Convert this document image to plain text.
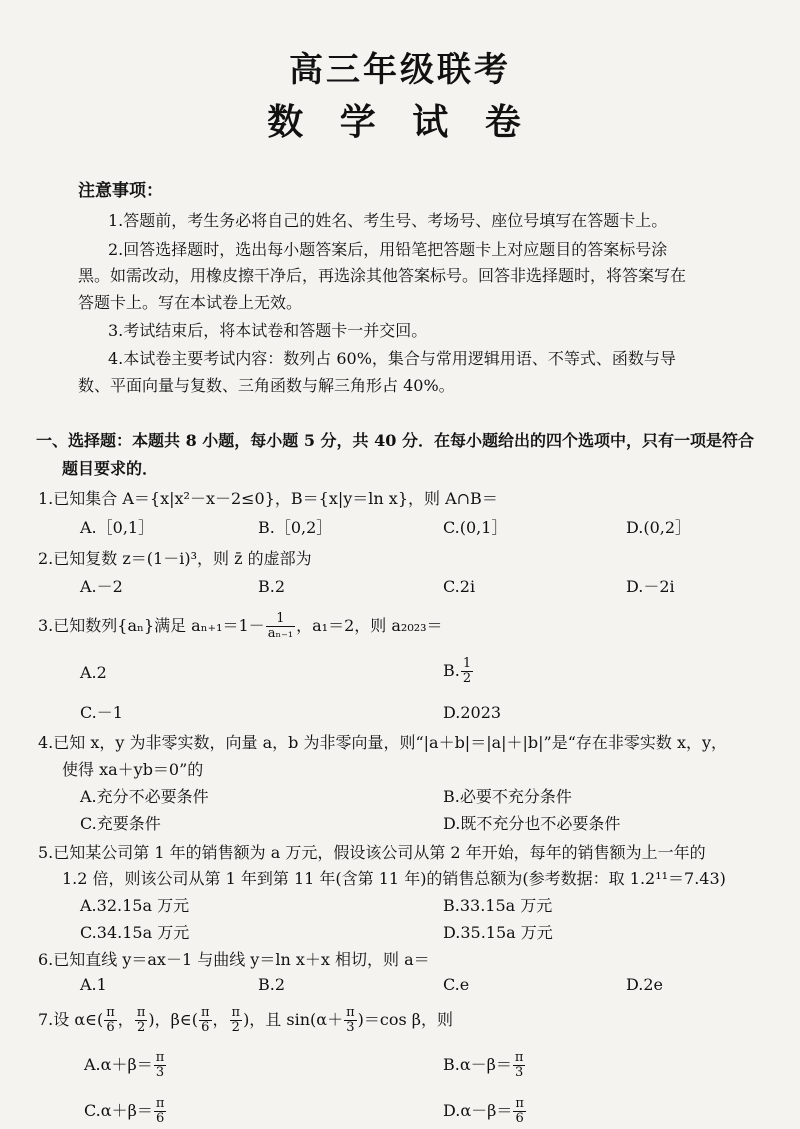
高三年级联考
数 学 试 卷
注意事项：
1.答题前，考生务必将自己的姓名、考生号、考场号、座位号填写在答题卡上。
2.回答选择题时，选出每小题答案后，用铅笔把答题卡上对应题目的答案标号涂
黑。如需改动，用橡皮擦干净后，再选涂其他答案标号。回答非选择题时，将答案写在
答题卡上。写在本试卷上无效。
3.考试结束后，将本试卷和答题卡一并交回。
4.本试卷主要考试内容：数列占 60%，集合与常用逻辑用语、不等式、函数与导
数、平面向量与复数、三角函数与解三角形占 40%。
一、选择题：本题共 8 小题，每小题 5 分，共 40 分．在每小题给出的四个选项中，只有一项是符合
题目要求的．
1.已知集合 A＝{x|x²－x－2≤0}，B＝{x|y＝ln x}，则 A∩B＝
A.［0,1］	B.［0,2］	C.(0,1］	D.(0,2］
2.已知复数 z＝(1－i)³，则 z̄ 的虚部为
A.－2	B.2	C.2i	D.－2i
3.已知数列{aₙ}满足 $a_{n+1}=1- \frac{1}{\text{aₙ₋₁}}$ ，a₁＝2，则 a₂₀₂₃＝
A.2	B. $\frac{1}{2}$
C.－1	D.2023
4.已知 x，y 为非零实数，向量 a，b 为非零向量，则“|a＋b|＝|a|＋|b|”是“存在非零实数 x，y，
使得 xa＋yb＝0”的
A.充分不必要条件	B.必要不充分条件
C.充要条件	D.既不充分也不必要条件
5.已知某公司第 1 年的销售额为 a 万元，假设该公司从第 2 年开始，每年的销售额为上一年的
1.2 倍，则该公司从第 1 年到第 11 年(含第 11 年)的销售总额为(参考数据：取 1.2¹¹＝7.43)
A.32.15a 万元	B.33.15a 万元
C.34.15a 万元	D.35.15a 万元
6.已知直线 y＝ax－1 与曲线 y＝ln x＋x 相切，则 a＝
A.1	B.2	C.e	D.2e
7.设 α∈( $\frac{\pi}{6}$ ， $\frac{\pi}{2}$ )，β∈( $\frac{\pi}{6}$ ， $\frac{\pi}{2}$ )，且 $\sin(\alpha+ \frac{\pi}{3} )=\cos$ β，则
$A.\alpha+\beta= \frac{\pi}{3}$	$B.\alpha-\beta= \frac{\pi}{3}$
$C.\alpha+\beta= \frac{\pi}{6}$	$D.\alpha-\beta= \frac{\pi}{6}$
